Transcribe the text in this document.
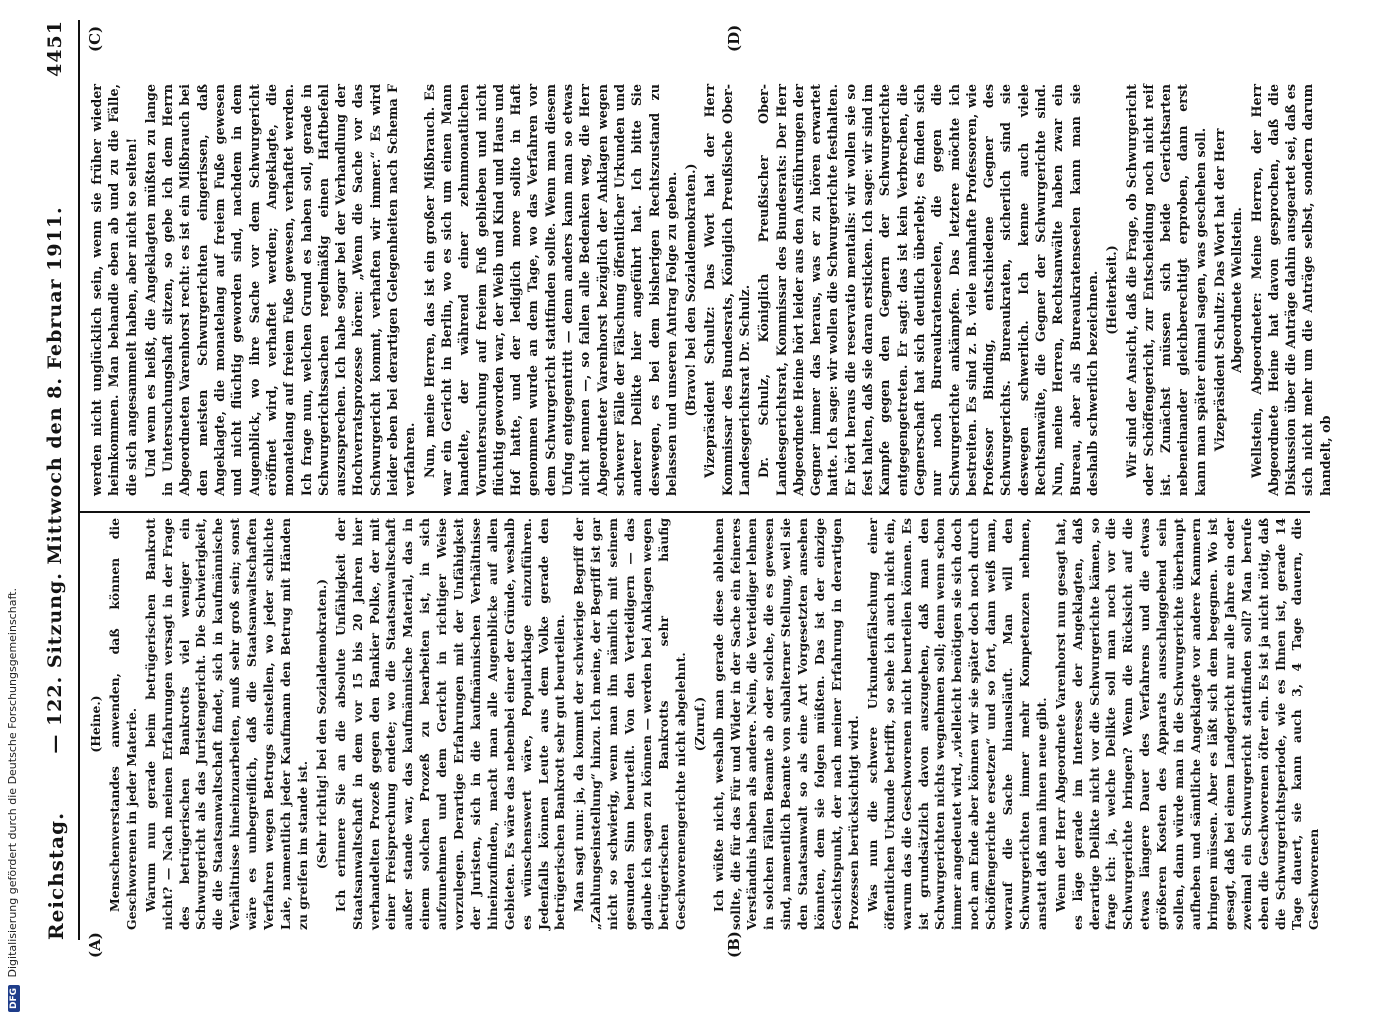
Reichstag.
— 122. Sitzung. Mittwoch den 8. Februar 1911.
4451
(A)	(B)
(C)	(D)

(Heine.) Menschenverstandes anwenden, daß können die Geschworenen in jeder Materie. Warum nun gerade beim betrügerischen Bankrott nicht? — Nach meinen Erfahrungen versagt in der Frage des betrügerischen Bankrotts viel weniger ein Schwurgericht als das Juristengericht. Die Schwierigkeit, die die Staatsanwaltschaft findet, sich in kaufmännische Verhältnisse hineinzuarbeiten, muß sehr groß sein; sonst wäre es unbegreiflich, daß die Staatsanwaltschaften Verfahren wegen Betrugs einstellen, wo jeder schlichte Laie, namentlich jeder Kaufmann den Betrug mit Händen zu greifen im stande ist. (Sehr richtig! bei den Sozialdemokraten.) Ich erinnere Sie an die absolute Unfähigkeit der Staatsanwaltschaft in dem vor 15 bis 20 Jahren hier verhandelten Prozeß gegen den Bankier Polke, der mit einer Freisprechung endete; wo die Staatsanwaltschaft außer stande war, das kaufmännische Material, das in einem solchen Prozeß zu bearbeiten ist, in sich aufzunehmen und dem Gericht in richtiger Weise vorzulegen. Derartige Erfahrungen mit der Unfähigkeit der Juristen, sich in die kaufmännischen Verhältnisse hineinzufinden, macht man alle Augenblicke auf allen Gebieten. Es wäre das nebenbei einer der Gründe, weshalb es wünschenswert wäre, Popularklage einzuführen. Jedenfalls können Leute aus dem Volke gerade den betrügerischen Bankrott sehr gut beurteilen. Man sagt nun: ja, da kommt der schwierige Begriff der „Zahlungseinstellung“ hinzu. Ich meine, der Begriff ist gar nicht so schwierig, wenn man ihn nämlich mit seinem gesunden Sinn beurteilt. Von den Verteidigern — das glaube ich sagen zu können — werden bei Anklagen wegen betrügerischen Bankrotts sehr häufig Geschworenengerichte nicht abgelehnt. (Zuruf.) Ich wüßte nicht, weshalb man gerade diese ablehnen sollte, die für das Für und Wider in der Sache ein feineres Verständnis haben als andere. Nein, die Verteidiger lehnen in solchen Fällen Beamte ab oder solche, die es gewesen sind, namentlich Beamte von subalterner Stellung, weil sie den Staatsanwalt so als eine Art Vorgesetzten ansehen könnten, dem sie folgen müßten. Das ist der einzige Gesichtspunkt, der nach meiner Erfahrung in derartigen Prozessen berücksichtigt wird. Was nun die schwere Urkundenfälschung einer öffentlichen Urkunde betrifft, so sehe ich auch nicht ein, warum das die Geschworenen nicht beurteilen können. Es ist grundsätzlich davon auszugehen, daß man den Schwurgerichten nichts wegnehmen soll; denn wenn schon immer angedeutet wird, „vielleicht benötigen sie sich doch noch am Ende aber können wir sie später doch noch durch Schöffengerichte ersetzen“ und so fort, dann weiß man, worauf die Sache hinausläuft. Man will den Schwurgerichten immer mehr Kompetenzen nehmen, anstatt daß man ihnen neue gibt. Wenn der Herr Abgeordnete Varenhorst nun gesagt hat, es läge gerade im Interesse der Angeklagten, daß derartige Delikte nicht vor die Schwurgerichte kämen, so frage ich: ja, welche Delikte soll man noch vor die Schwurgerichte bringen? Wenn die Rücksicht auf die etwas längere Dauer des Verfahrens und die etwas größeren Kosten des Apparats ausschlaggebend sein sollen, dann würde man in die Schwurgerichte überhaupt aufheben und sämtliche Angeklagte vor andere Kammern bringen müssen. Aber es läßt sich dem begegnen. Wo ist gesagt, daß bei einem Landgericht nur alle Jahre ein oder zweimal ein Schwurgericht stattfinden soll? Man berufe eben die Geschworenen öfter ein. Es ist ja nicht nötig, daß die Schwurgerichtsperiode, wie es Ihnen ist, gerade 14 Tage dauert, sie kann auch 3, 4 Tage dauern, die Geschworenen

werden nicht unglücklich sein, wenn sie früher wieder heimkommen. Man behandle eben ab und zu die Fälle, die sich angesammelt haben, aber nicht so selten! Und wenn es heißt, die Angeklagten müßten zu lange in Untersuchungshaft sitzen, so gebe ich dem Herrn Abgeordneten Varenhorst recht: es ist ein Mißbrauch bei den meisten Schwurgerichten eingerissen, daß Angeklagte, die monatelang auf freiem Fuße gewesen und nicht flüchtig geworden sind, nachdem in dem Augenblick, wo ihre Sache vor dem Schwurgericht eröffnet wird, verhaftet werden; Angeklagte, die monatelang auf freiem Fuße gewesen, verhaftet werden. Ich frage nun, welchen Grund es haben soll, gerade in Schwurgerichtssachen regelmäßig einen Haftbefehl auszusprechen. Ich habe sogar bei der Verhandlung der Hochverratsprozesse hören: „Wenn die Sache vor das Schwurgericht kommt, verhaften wir immer.“ Es wird leider eben bei derartigen Gelegenheiten nach Schema F verfahren. Nun, meine Herren, das ist ein großer Mißbrauch. Es war ein Gericht in Berlin, wo es sich um einen Mann handelte, der während einer zehnmonatlichen Voruntersuchung auf freiem Fuß geblieben und nicht flüchtig geworden war, der Weib und Kind und Haus und Hof hatte, und der lediglich more solito in Haft genommen wurde an dem Tage, wo das Verfahren vor dem Schwurgericht stattfinden sollte. Wenn man diesem Unfug entgegentritt — denn anders kann man so etwas nicht nennen —, so fallen alle Bedenken weg, die Herr Abgeordneter Varenhorst bezüglich der Anklagen wegen schwerer Fälle der Fälschung öffentlicher Urkunden und anderer Delikte hier angeführt hat. Ich bitte Sie deswegen, es bei dem bisherigen Rechtszustand zu belassen und unseren Antrag Folge zu geben. (Bravo! bei den Sozialdemokraten.) Vizepräsident Schultz: Das Wort hat der Herr Kommissar des Bundesrats, Königlich Preußische Ober-Landesgerichtsrat Dr. Schulz. Dr. Schulz, Königlich Preußischer Ober-Landesgerichtsrat, Kommissar des Bundesrats: Der Herr Abgeordnete Heine hört leider aus den Ausführungen der Gegner immer das heraus, was er zu hören erwartet hatte. Ich sage: wir wollen die Schwurgerichte festhalten. Er hört heraus die reservatio mentalis: wir wollen sie so fest halten, daß sie daran ersticken. Ich sage: wir sind im Kampfe gegen den Gegnern der Schwurgerichte entgegengetreten. Er sagt: das ist kein Verbrechen, die Gegnerschaft hat sich deutlich überlebt; es finden sich nur noch Bureaukratenseelen, die gegen die Schwurgerichte ankämpfen. Das letztere möchte ich bestreiten. Es sind z. B. viele namhafte Professoren, wie Professor Binding, entschiedene Gegner des Schwurgerichts. Bureaukraten, sicherlich sind sie deswegen schwerlich. Ich kenne auch viele Rechtsanwälte, die Gegner der Schwurgerichte sind. Nun, meine Herren, Rechtsanwälte haben zwar ein Bureau, aber als Bureaukratenseelen kann man sie deshalb schwerlich bezeichnen. (Heiterkeit.) Wir sind der Ansicht, daß die Frage, ob Schwurgericht oder Schöffengericht, zur Entscheidung noch nicht reif ist. Zunächst müssen sich beide Gerichtsarten nebeneinander gleichberechtigt erproben, dann erst kann man später einmal sagen, was geschehen soll. Vizepräsident Schultz: Das Wort hat der Herr Abgeordnete Wellstein. Wellstein, Abgeordneter: Meine Herren, der Herr Abgeordnete Heine hat davon gesprochen, daß die Diskussion über die Anträge dahin ausgeartet sei, daß es sich nicht mehr um die Anträge selbst, sondern darum handelt, ob

DFG Digitalisierung gefördert durch die Deutsche Forschungsgemeinschaft.
